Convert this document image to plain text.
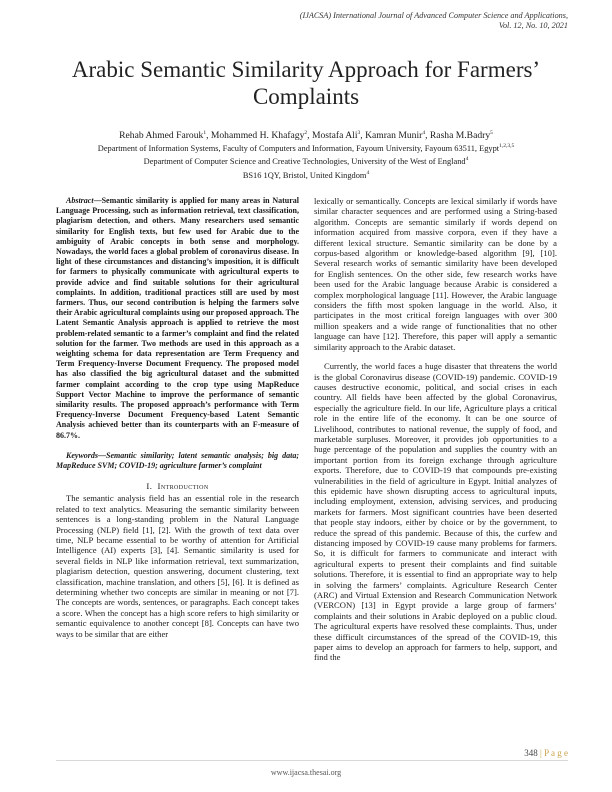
(IJACSA) International Journal of Advanced Computer Science and Applications,
Vol. 12, No. 10, 2021
Arabic Semantic Similarity Approach for Farmers’
Complaints
Rehab Ahmed Farouk$^1$, Mohammed H. Khafagy$^2$, Mostafa Ali$^3$, Kamran Munir$^4$, Rasha M.Badry$^5$
Department of Information Systems, Faculty of Computers and Information, Fayoum University, Fayoum 63511, Egypt$^{1,2,3,5}$
Department of Computer Science and Creative Technologies, University of the West of England$^4$
BS16 1QY, Bristol, United Kingdom$^4$

Abstract—Semantic similarity is applied for many areas in Natural Language Processing, such as information retrieval, text classification, plagiarism detection, and others. Many researchers used semantic similarity for English texts, but few used for Arabic due to the ambiguity of Arabic concepts in both sense and morphology. Nowadays, the world faces a global problem of coronavirus disease. In light of these circumstances and distancing’s imposition, it is difficult for farmers to physically communicate with agricultural experts to provide advice and find suitable solutions for their agricultural complaints. In addition, traditional practices still are used by most farmers. Thus, our second contribution is helping the farmers solve their Arabic agricultural complaints using our proposed approach. The Latent Semantic Analysis approach is applied to retrieve the most problem-related semantic to a farmer’s complaint and find the related solution for the farmer. Two methods are used in this approach as a weighting schema for data representation are Term Frequency and Term Frequency-Inverse Document Frequency. The proposed model has also classified the big agricultural dataset and the submitted farmer complaint according to the crop type using MapReduce Support Vector Machine to improve the performance of semantic similarity results. The proposed approach’s performance with Term Frequency-Inverse Document Frequency-based Latent Semantic Analysis achieved better than its counterparts with an F-measure of 86.7%.

Keywords—Semantic similarity; latent semantic analysis; big data; MapReduce SVM; COVID-19; agriculture farmer’s complaint
I. Introduction

The semantic analysis field has an essential role in the research related to text analytics. Measuring the semantic similarity between sentences is a long-standing problem in the Natural Language Processing (NLP) field [1], [2]. With the growth of text data over time, NLP became essential to be worthy of attention for Artificial Intelligence (AI) experts [3], [4]. Semantic similarity is used for several fields in NLP like information retrieval, text summarization, plagiarism detection, question answering, document clustering, text classification, machine translation, and others [5], [6]. It is defined as determining whether two concepts are similar in meaning or not [7]. The concepts are words, sentences, or paragraphs. Each concept takes a score. When the concept has a high score refers to high similarity or semantic equivalence to another concept [8]. Concepts can have two ways to be similar that are either

lexically or semantically. Concepts are lexical similarly if words have similar character sequences and are performed using a String-based algorithm. Concepts are semantic similarly if words depend on information acquired from massive corpora, even if they have a different lexical structure. Semantic similarity can be done by a corpus-based algorithm or knowledge-based algorithm [9], [10]. Several research works of semantic similarity have been developed for English sentences. On the other side, few research works have been used for the Arabic language because Arabic is considered a complex morphological language [11]. However, the Arabic language considers the fifth most spoken language in the world. Also, it participates in the most critical foreign languages with over 300 million speakers and a wide range of functionalities that no other language can have [12]. Therefore, this paper will apply a semantic similarity approach to the Arabic dataset.

Currently, the world faces a huge disaster that threatens the world is the global Coronavirus disease (COVID-19) pandemic. COVID-19 causes destructive economic, political, and social crises in each country. All fields have been affected by the global Coronavirus, especially the agriculture field. In our life, Agriculture plays a critical role in the entire life of the economy. It can be one source of Livelihood, contributes to national revenue, the supply of food, and marketable surpluses. Moreover, it provides job opportunities to a huge percentage of the population and supplies the country with an important portion from its foreign exchange through agriculture exports. Therefore, due to COVID-19 that compounds pre-existing vulnerabilities in the field of agriculture in Egypt. Initial analyzes of this epidemic have shown disrupting access to agricultural inputs, including employment, extension, advising services, and producing markets for farmers. Most significant countries have been deserted that people stay indoors, either by choice or by the government, to reduce the spread of this pandemic. Because of this, the curfew and distancing imposed by COVID-19 cause many problems for farmers. So, it is difficult for farmers to communicate and interact with agricultural experts to present their complaints and find suitable solutions. Therefore, it is essential to find an appropriate way to help in solving the farmers’ complaints. Agriculture Research Center (ARC) and Virtual Extension and Research Communication Network (VERCON) [13] in Egypt provide a large group of farmers’ complaints and their solutions in Arabic deployed on a public cloud. The agricultural experts have resolved these complaints. Thus, under these difficult circumstances of the spread of the COVID-19, this paper aims to develop an approach for farmers to help, support, and find the

348 | P a g e
www.ijacsa.thesai.org
